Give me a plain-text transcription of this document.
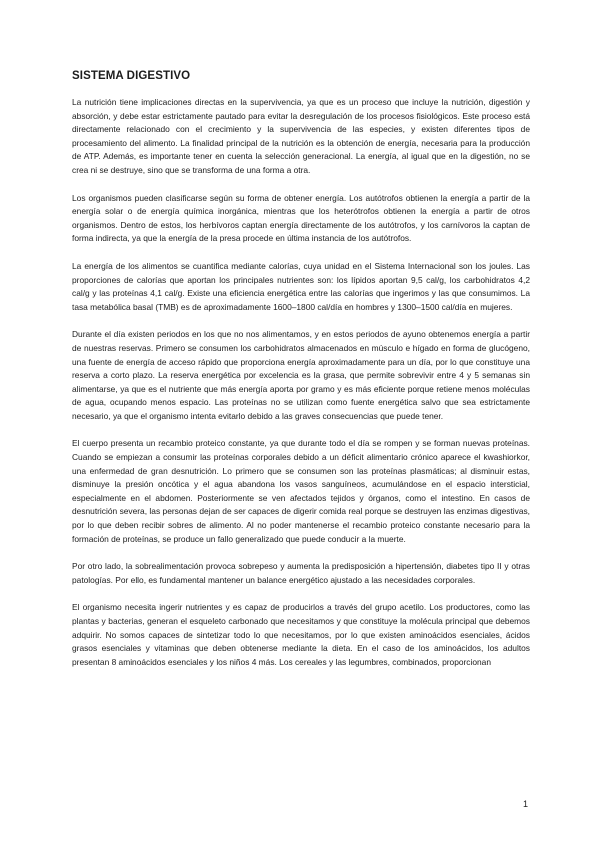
SISTEMA DIGESTIVO

La nutrición tiene implicaciones directas en la supervivencia, ya que es un proceso que incluye la nutrición, digestión y absorción, y debe estar estrictamente pautado para evitar la desregulación de los procesos fisiológicos. Este proceso está directamente relacionado con el crecimiento y la supervivencia de las especies, y existen diferentes tipos de procesamiento del alimento. La finalidad principal de la nutrición es la obtención de energía, necesaria para la producción de ATP. Además, es importante tener en cuenta la selección generacional. La energía, al igual que en la digestión, no se crea ni se destruye, sino que se transforma de una forma a otra.

Los organismos pueden clasificarse según su forma de obtener energía. Los autótrofos obtienen la energía a partir de la energía solar o de energía química inorgánica, mientras que los heterótrofos obtienen la energía a partir de otros organismos. Dentro de estos, los herbívoros captan energía directamente de los autótrofos, y los carnívoros la captan de forma indirecta, ya que la energía de la presa procede en última instancia de los autótrofos.

La energía de los alimentos se cuantifica mediante calorías, cuya unidad en el Sistema Internacional son los joules. Las proporciones de calorías que aportan los principales nutrientes son: los lípidos aportan 9,5 cal/g, los carbohidratos 4,2 cal/g y las proteínas 4,1 cal/g. Existe una eficiencia energética entre las calorías que ingerimos y las que consumimos. La tasa metabólica basal (TMB) es de aproximadamente 1600–1800 cal/día en hombres y 1300–1500 cal/día en mujeres.

Durante el día existen periodos en los que no nos alimentamos, y en estos periodos de ayuno obtenemos energía a partir de nuestras reservas. Primero se consumen los carbohidratos almacenados en músculo e hígado en forma de glucógeno, una fuente de energía de acceso rápido que proporciona energía aproximadamente para un día, por lo que constituye una reserva a corto plazo. La reserva energética por excelencia es la grasa, que permite sobrevivir entre 4 y 5 semanas sin alimentarse, ya que es el nutriente que más energía aporta por gramo y es más eficiente porque retiene menos moléculas de agua, ocupando menos espacio. Las proteínas no se utilizan como fuente energética salvo que sea estrictamente necesario, ya que el organismo intenta evitarlo debido a las graves consecuencias que puede tener.

El cuerpo presenta un recambio proteico constante, ya que durante todo el día se rompen y se forman nuevas proteínas. Cuando se empiezan a consumir las proteínas corporales debido a un déficit alimentario crónico aparece el kwashiorkor, una enfermedad de gran desnutrición. Lo primero que se consumen son las proteínas plasmáticas; al disminuir estas, disminuye la presión oncótica y el agua abandona los vasos sanguíneos, acumulándose en el espacio intersticial, especialmente en el abdomen. Posteriormente se ven afectados tejidos y órganos, como el intestino. En casos de desnutrición severa, las personas dejan de ser capaces de digerir comida real porque se destruyen las enzimas digestivas, por lo que deben recibir sobres de alimento. Al no poder mantenerse el recambio proteico constante necesario para la formación de proteínas, se produce un fallo generalizado que puede conducir a la muerte.

Por otro lado, la sobrealimentación provoca sobrepeso y aumenta la predisposición a hipertensión, diabetes tipo II y otras patologías. Por ello, es fundamental mantener un balance energético ajustado a las necesidades corporales.

El organismo necesita ingerir nutrientes y es capaz de producirlos a través del grupo acetilo. Los productores, como las plantas y bacterias, generan el esqueleto carbonado que necesitamos y que constituye la molécula principal que debemos adquirir. No somos capaces de sintetizar todo lo que necesitamos, por lo que existen aminoácidos esenciales, ácidos grasos esenciales y vitaminas que deben obtenerse mediante la dieta. En el caso de los aminoácidos, los adultos presentan 8 aminoácidos esenciales y los niños 4 más. Los cereales y las legumbres, combinados, proporcionan

1
